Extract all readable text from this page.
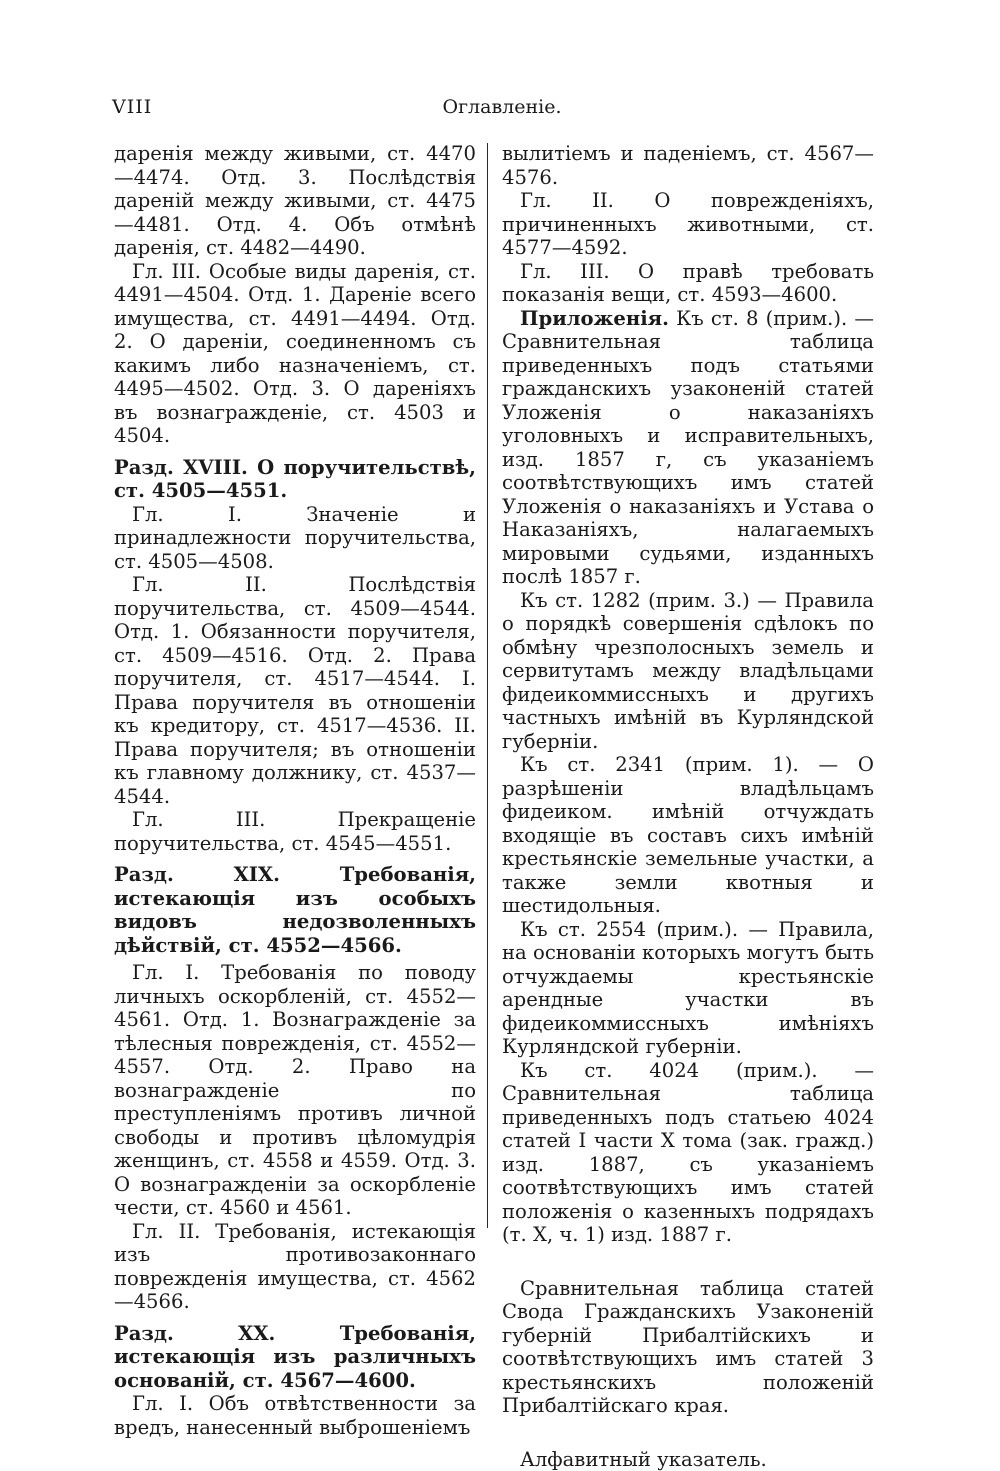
VIII	Оглавленіе.

даренія между живыми, ст. 4470—4474. Отд. 3. Послѣдствія дареній между живыми, ст. 4475—4481. Отд. 4. Объ отмѣнѣ даренія, ст. 4482—4490.

Гл. III. Особые виды даренія, ст. 4491—4504. Отд. 1. Дареніе всего имущества, ст. 4491—4494. Отд. 2. О дареніи, соединенномъ съ какимъ либо назначеніемъ, ст. 4495—4502. Отд. 3. О дареніяхъ въ вознагражденіе, ст. 4503 и 4504.

Разд. XVIII. О поручительствѣ, ст. 4505—4551.

Гл. I. Значеніе и принадлежности поручительства, ст. 4505—4508.

Гл. II. Послѣдствія поручительства, ст. 4509—4544. Отд. 1. Обязанности поручителя, ст. 4509—4516. Отд. 2. Права поручителя, ст. 4517—4544. I. Права поручителя въ отношеніи къ кредитору, ст. 4517—4536. II. Права поручителя; въ отношеніи къ главному должнику, ст. 4537—4544.

Гл. III. Прекращеніе поручительства, ст. 4545—4551.

Разд. XIX. Требованія, истекающія изъ особыхъ видовъ недозволенныхъ дѣйствій, ст. 4552—4566.

Гл. I. Требованія по поводу личныхъ оскорбленій, ст. 4552—4561. Отд. 1. Вознагражденіе за тѣлесныя поврежденія, ст. 4552—4557. Отд. 2. Право на вознагражденіе по преступленіямъ противъ личной свободы и противъ цѣломудрія женщинъ, ст. 4558 и 4559. Отд. 3. О вознагражденіи за оскорбленіе чести, ст. 4560 и 4561.

Гл. II. Требованія, истекающія изъ противозаконнаго поврежденія имущества, ст. 4562—4566.

Разд. XX. Требованія, истекающія изъ различныхъ основаній, ст. 4567—4600.

Гл. I. Объ отвѣтственности за вредъ, нанесенный выброшеніемъ

вылитіемъ и паденіемъ, ст. 4567—4576.

Гл. II. О поврежденіяхъ, причиненныхъ животными, ст. 4577—4592.

Гл. III. О правѣ требовать показанія вещи, ст. 4593—4600.

Приложенія. Къ ст. 8 (прим.). — Сравнительная таблица приведенныхъ подъ статьями гражданскихъ узаконеній статей Уложенія о наказаніяхъ уголовныхъ и исправительныхъ, изд. 1857 г, съ указаніемъ соотвѣтствующихъ имъ статей Уложенія о наказаніяхъ и Устава о Наказаніяхъ, налагаемыхъ мировыми судьями, изданныхъ послѣ 1857 г.

Къ ст. 1282 (прим. 3.) — Правила о порядкѣ совершенія сдѣлокъ по обмѣну чрезполосныхъ земель и сервитутамъ между владѣльцами фидеикоммиссныхъ и другихъ частныхъ имѣній въ Курляндской губерніи.

Къ ст. 2341 (прим. 1). — О разрѣшеніи владѣльцамъ фидеиком. имѣній отчуждать входящіе въ составъ сихъ имѣній крестьянскіе земельные участки, а также земли квотныя и шестидольныя.

Къ ст. 2554 (прим.). — Правила, на основаніи которыхъ могутъ быть отчуждаемы крестьянскіе арендные участки въ фидеикоммиссныхъ имѣніяхъ Курляндской губерніи.

Къ ст. 4024 (прим.). — Сравнительная таблица приведенныхъ подъ статьею 4024 статей I части X тома (зак. гражд.) изд. 1887, съ указаніемъ соотвѣтствующихъ имъ статей положенія о казенныхъ подрядахъ (т. X, ч. 1) изд. 1887 г.

Сравнительная таблица статей Свода Гражданскихъ Узаконеній губерній Прибалтійскихъ и соотвѣтствующихъ имъ статей 3 крестьянскихъ положеній Прибалтійскаго края.

Алфавитный указатель.
